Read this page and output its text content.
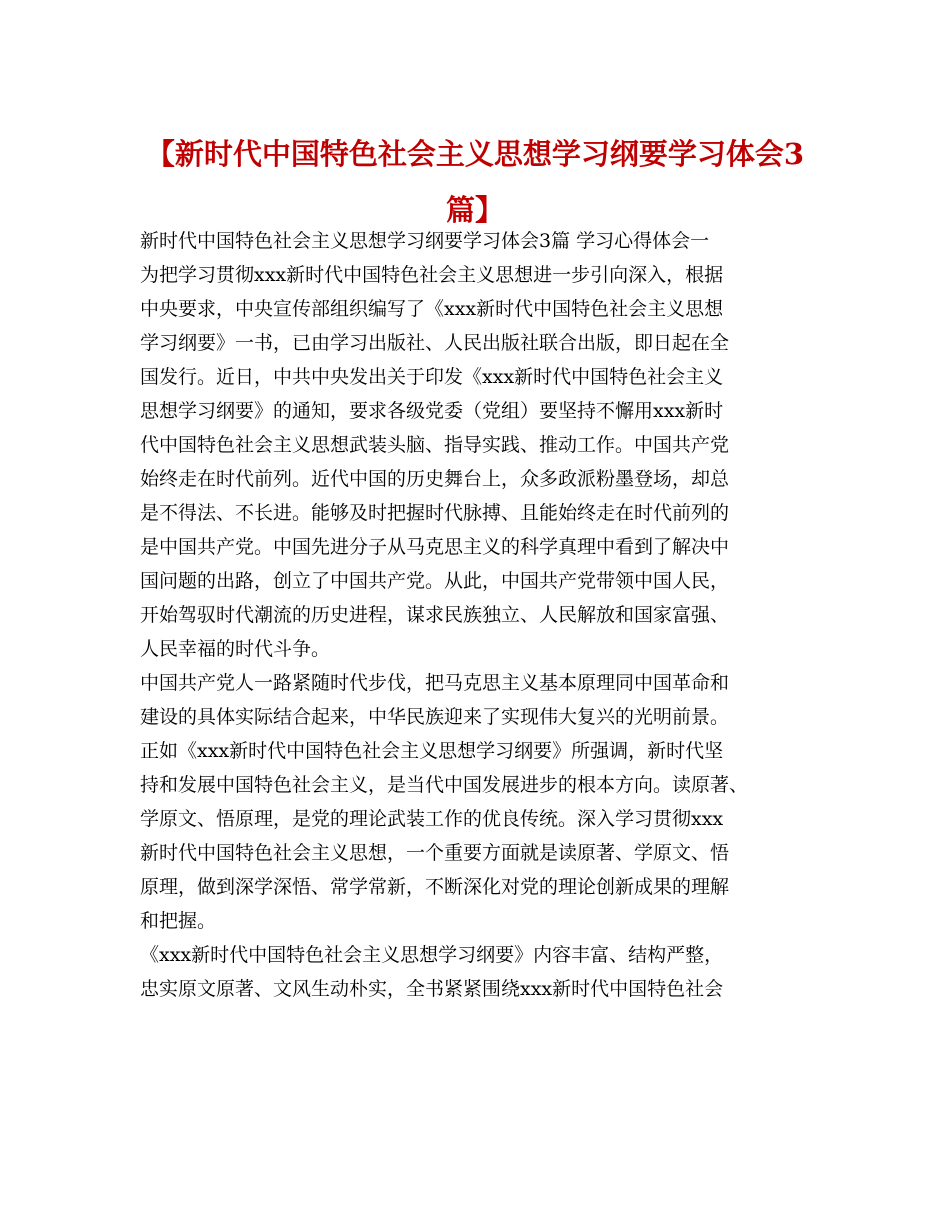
【新时代中国特色社会主义思想学习纲要学习体会3
篇】
新时代中国特色社会主义思想学习纲要学习体会3篇 学习心得体会一
为把学习贯彻xxx新时代中国特色社会主义思想进一步引向深入，根据
中央要求，中央宣传部组织编写了《xxx新时代中国特色社会主义思想
学习纲要》一书，已由学习出版社、人民出版社联合出版，即日起在全
国发行。近日，中共中央发出关于印发《xxx新时代中国特色社会主义
思想学习纲要》的通知，要求各级党委（党组）要坚持不懈用xxx新时
代中国特色社会主义思想武装头脑、指导实践、推动工作。中国共产党
始终走在时代前列。近代中国的历史舞台上，众多政派粉墨登场，却总
是不得法、不长进。能够及时把握时代脉搏、且能始终走在时代前列的
是中国共产党。中国先进分子从马克思主义的科学真理中看到了解决中
国问题的出路，创立了中国共产党。从此，中国共产党带领中国人民，
开始驾驭时代潮流的历史进程，谋求民族独立、人民解放和国家富强、
人民幸福的时代斗争。
中国共产党人一路紧随时代步伐，把马克思主义基本原理同中国革命和
建设的具体实际结合起来，中华民族迎来了实现伟大复兴的光明前景。
正如《xxx新时代中国特色社会主义思想学习纲要》所强调，新时代坚
持和发展中国特色社会主义，是当代中国发展进步的根本方向。读原著、
学原文、悟原理，是党的理论武装工作的优良传统。深入学习贯彻xxx
新时代中国特色社会主义思想，一个重要方面就是读原著、学原文、悟
原理，做到深学深悟、常学常新，不断深化对党的理论创新成果的理解
和把握。
《xxx新时代中国特色社会主义思想学习纲要》内容丰富、结构严整，
忠实原文原著、文风生动朴实，全书紧紧围绕xxx新时代中国特色社会
